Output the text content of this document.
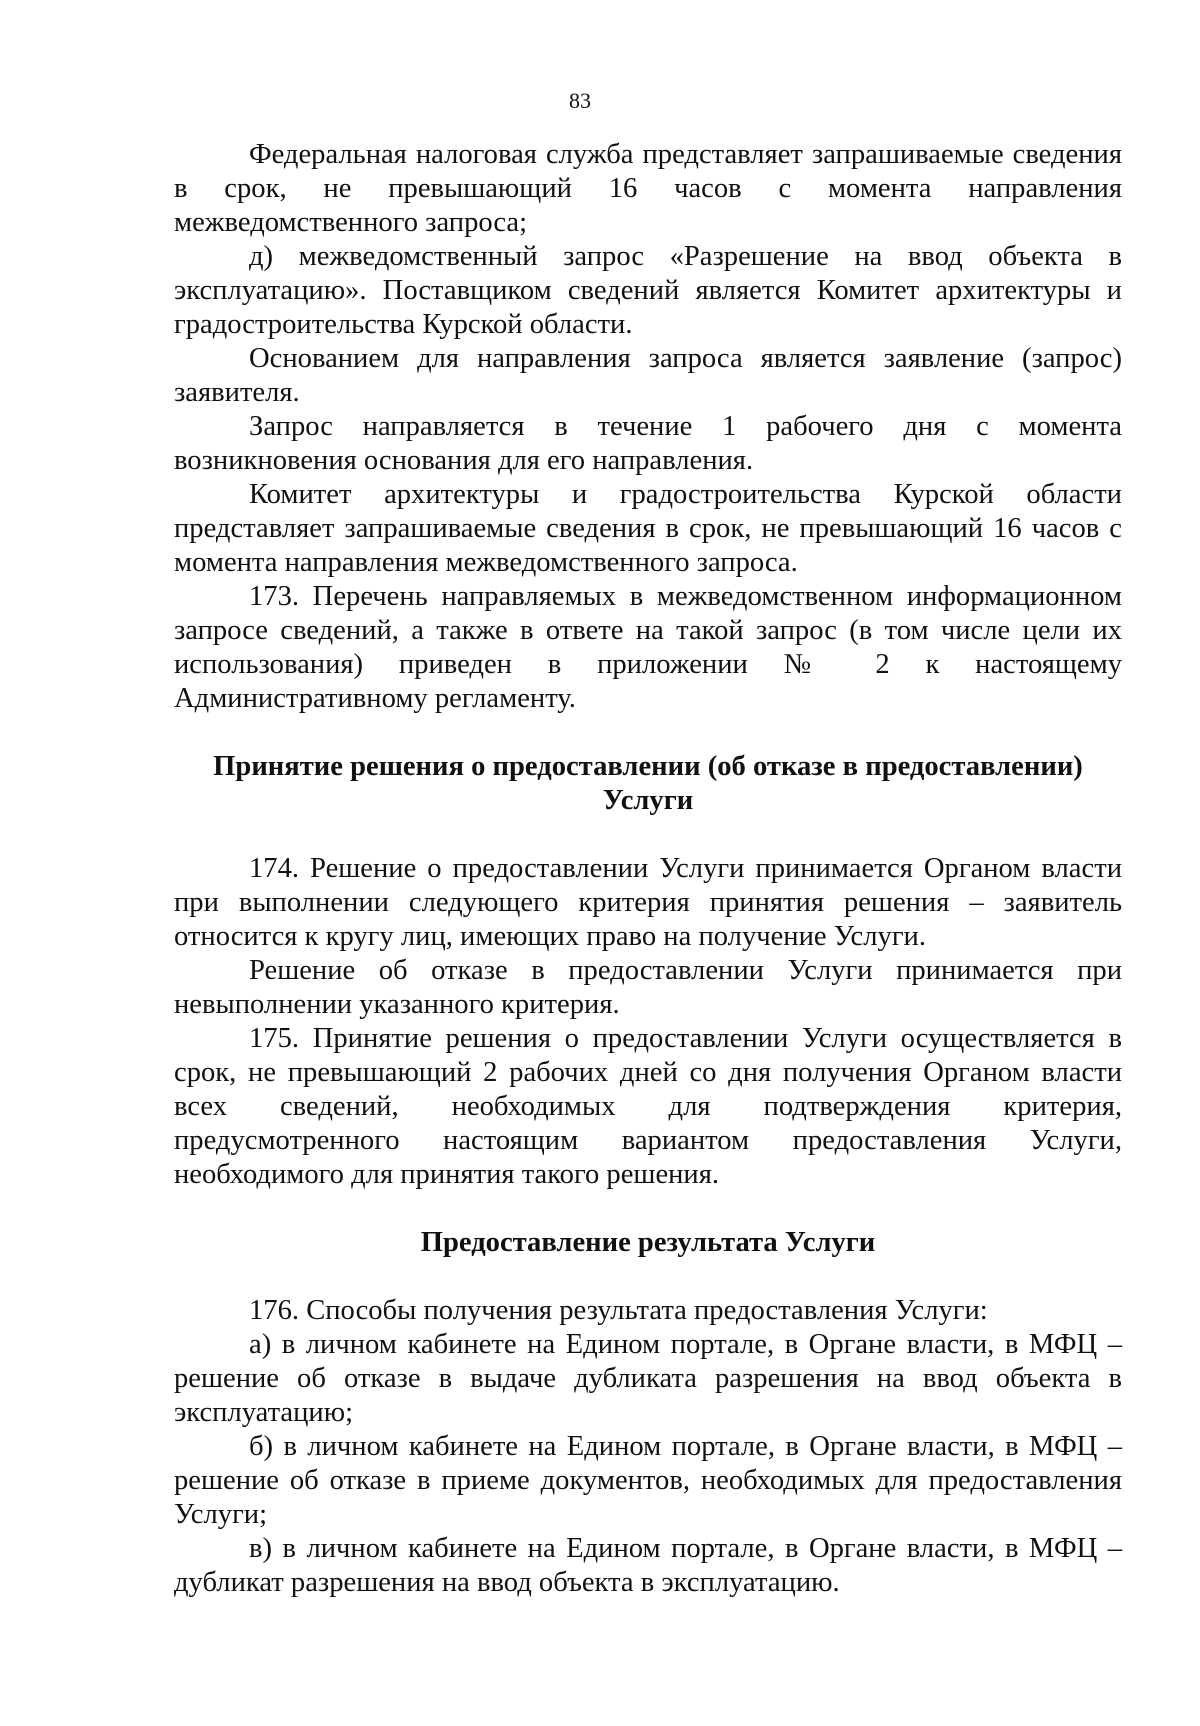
83

Федеральная налоговая служба представляет запрашиваемые сведения в срок, не превышающий 16 часов с момента направления межведомственного запроса;

д) межведомственный запрос «Разрешение на ввод объекта в эксплуатацию». Поставщиком сведений является Комитет архитектуры и градостроительства Курской области.

Основанием для направления запроса является заявление (запрос) заявителя.

Запрос направляется в течение 1 рабочего дня с момента возникновения основания для его направления.

Комитет архитектуры и градостроительства Курской области представляет запрашиваемые сведения в срок, не превышающий 16 часов с момента направления межведомственного запроса.

173. Перечень направляемых в межведомственном информационном запросе сведений, а также в ответе на такой запрос (в том числе цели их использования) приведен в приложении № 2 к настоящему Административному регламенту.

Принятие решения о предоставлении (об отказе в предоставлении) Услуги

174. Решение о предоставлении Услуги принимается Органом власти при выполнении следующего критерия принятия решения – заявитель относится к кругу лиц, имеющих право на получение Услуги.

Решение об отказе в предоставлении Услуги принимается при невыполнении указанного критерия.

175. Принятие решения о предоставлении Услуги осуществляется в срок, не превышающий 2 рабочих дней со дня получения Органом власти всех сведений, необходимых для подтверждения критерия, предусмотренного настоящим вариантом предоставления Услуги, необходимого для принятия такого решения.

Предоставление результата Услуги

176. Способы получения результата предоставления Услуги:

а) в личном кабинете на Едином портале, в Органе власти, в МФЦ – решение об отказе в выдаче дубликата разрешения на ввод объекта в эксплуатацию;

б) в личном кабинете на Едином портале, в Органе власти, в МФЦ – решение об отказе в приеме документов, необходимых для предоставления Услуги;

в) в личном кабинете на Едином портале, в Органе власти, в МФЦ – дубликат разрешения на ввод объекта в эксплуатацию.
